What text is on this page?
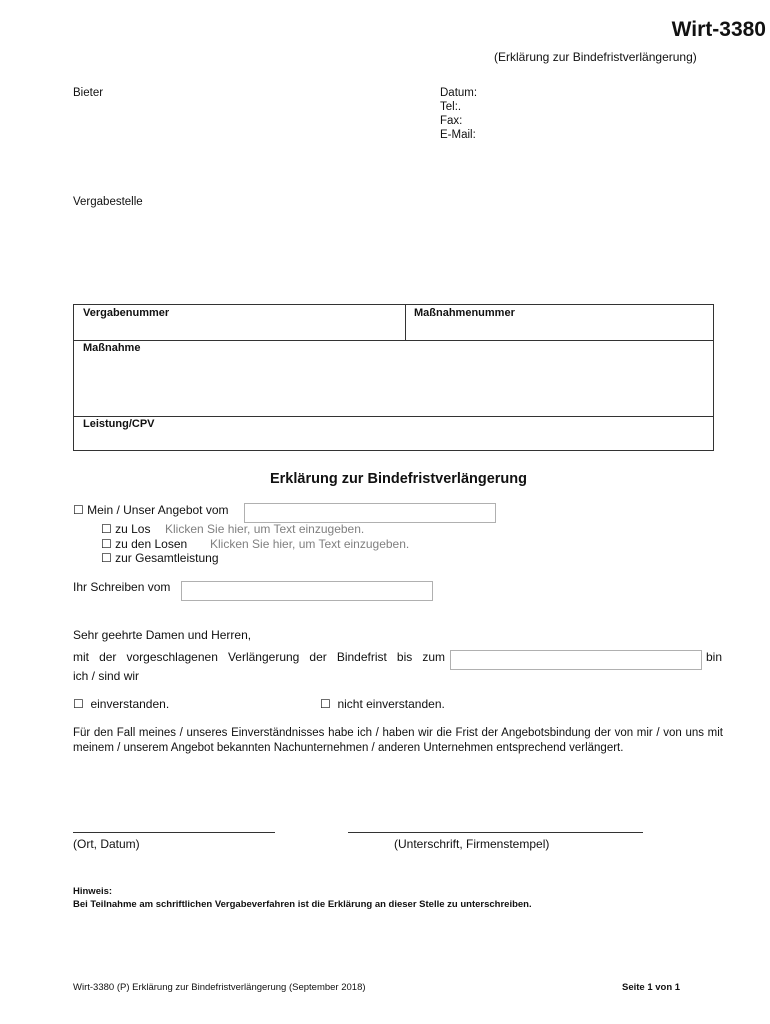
Wirt-3380
(Erklärung zur Bindefristverlängerung)
Bieter	Datum:
Tel:.
Fax:
E-Mail:
Vergabestelle
Vergabenummer	Maßnahmenummer
Maßnahme
Leistung/CPV
Erklärung zur Bindefristverlängerung
☐ Mein / Unser Angebot vom
☐ zu Los Klicken Sie hier, um Text einzugeben.
☐ zu den Losen Klicken Sie hier, um Text einzugeben.
☐ zur Gesamtleistung
Ihr Schreiben vom
Sehr geehrte Damen und Herren,
mit der vorgeschlagenen Verlängerung der Bindefrist bis zum	bin
ich / sind wir
☐ einverstanden.	☐ nicht einverstanden.
Für den Fall meines / unseres Einverständnisses habe ich / haben wir die Frist der Angebotsbindung der von mir / von uns mit meinem / unserem Angebot bekannten Nachunternehmen / anderen Unternehmen entsprechend verlängert.
(Ort, Datum)	(Unterschrift, Firmenstempel)
Hinweis:
Bei Teilnahme am schriftlichen Vergabeverfahren ist die Erklärung an dieser Stelle zu unterschreiben.
Wirt-3380 (P) Erklärung zur Bindefristverlängerung (September 2018)	Seite 1 von 1
